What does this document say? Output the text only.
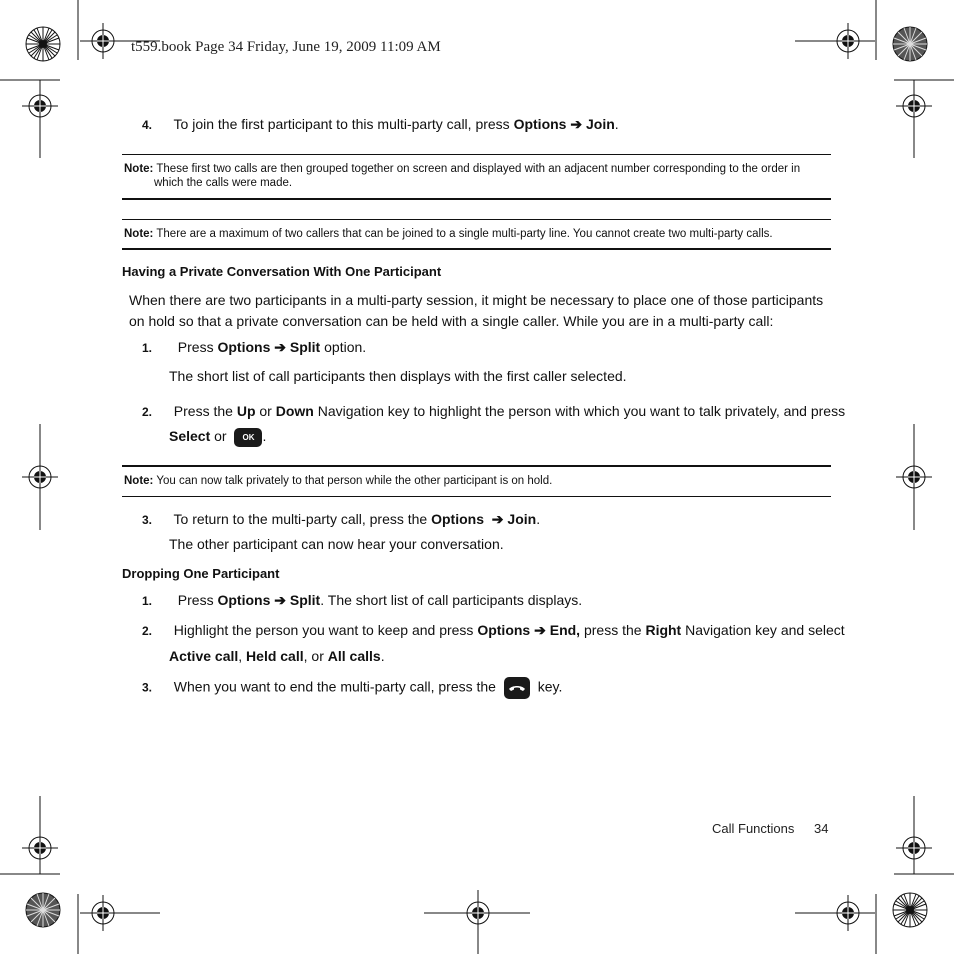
t559.book Page 34 Friday, June 19, 2009 11:09 AM
4. To join the first participant to this multi-party call, press Options ➔ Join.
Note: These first two calls are then grouped together on screen and displayed with an adjacent number corresponding to the order in
which the calls were made.
Note: There are a maximum of two callers that can be joined to a single multi-party line. You cannot create two multi-party calls.
Having a Private Conversation With One Participant
When there are two participants in a multi-party session, it might be necessary to place one of those participants
on hold so that a private conversation can be held with a single caller. While you are in a multi-party call:
1. Press Options ➔ Split option.
The short list of call participants then displays with the first caller selected.
2. Press the Up or Down Navigation key to highlight the person with which you want to talk privately, and press
Select or OK .
Note: You can now talk privately to that person while the other participant is on hold.
3. To return to the multi-party call, press the Options ➔ Join.
The other participant can now hear your conversation.
Dropping One Participant
1. Press Options ➔ Split. The short list of call participants displays.
2. Highlight the person you want to keep and press Options ➔ End, press the Right Navigation key and select
Active call, Held call, or All calls.
3. When you want to end the multi-party call, press the  key.
Call Functions 34
